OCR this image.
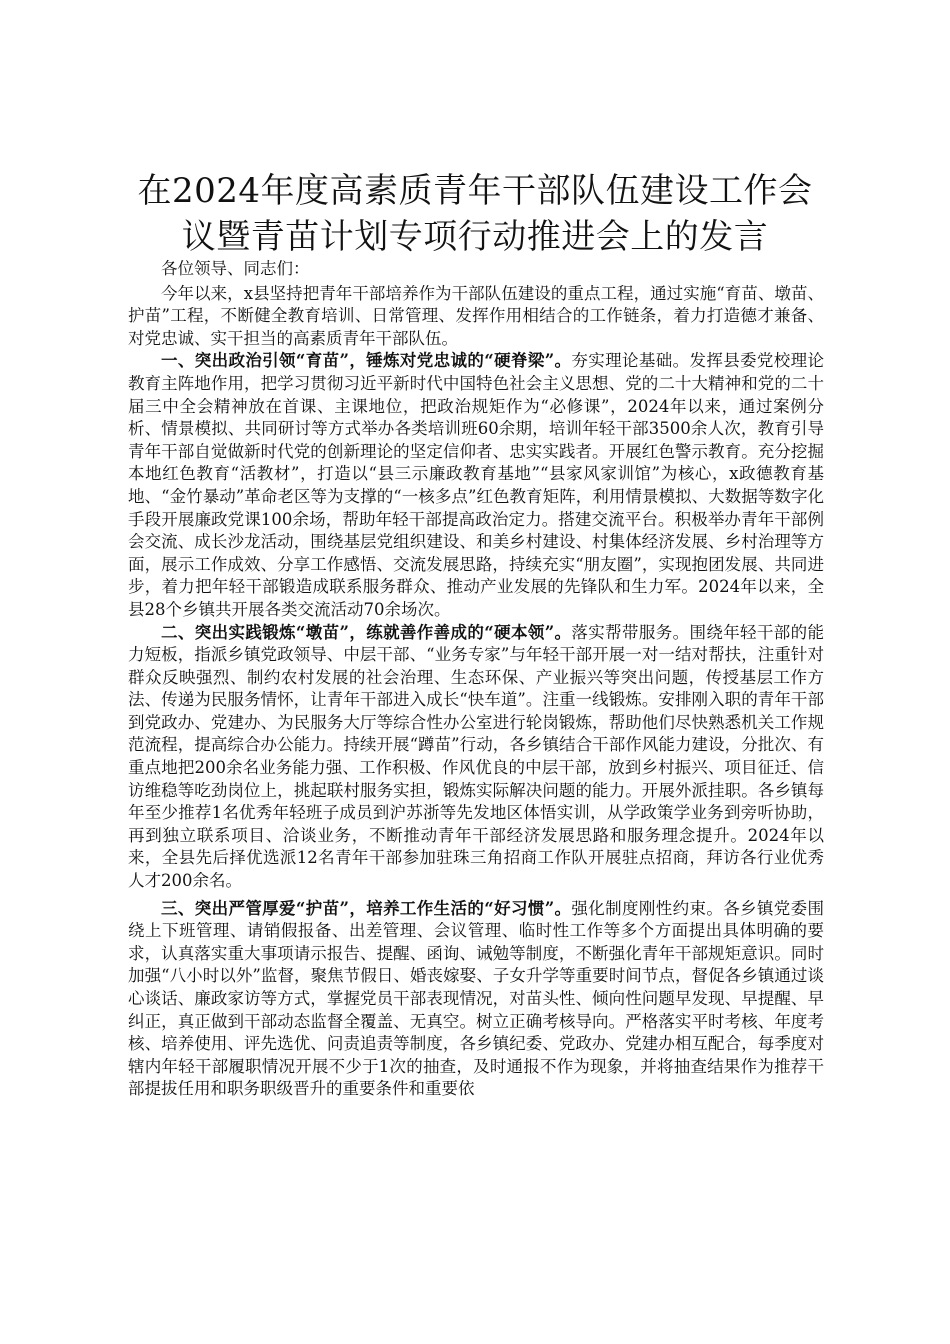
在2024年度高素质青年干部队伍建设工作会
议暨青苗计划专项行动推进会上的发言

各位领导、同志们：

今年以来，x县坚持把青年干部培养作为干部队伍建设的重点工程，通过实施“育苗、墩苗、护苗”工程，不断健全教育培训、日常管理、发挥作用相结合的工作链条，着力打造德才兼备、对党忠诚、实干担当的高素质青年干部队伍。

一、突出政治引领“育苗”，锤炼对党忠诚的“硬脊梁”。夯实理论基础。发挥县委党校理论教育主阵地作用，把学习贯彻习近平新时代中国特色社会主义思想、党的二十大精神和党的二十届三中全会精神放在首课、主课地位，把政治规矩作为“必修课”，2024年以来，通过案例分析、情景模拟、共同研讨等方式举办各类培训班60余期，培训年轻干部3500余人次，教育引导青年干部自觉做新时代党的创新理论的坚定信仰者、忠实实践者。开展红色警示教育。充分挖掘本地红色教育“活教材”，打造以“县三示廉政教育基地”“县家风家训馆”为核心，x政德教育基地、“金竹暴动”革命老区等为支撑的“一核多点”红色教育矩阵，利用情景模拟、大数据等数字化手段开展廉政党课100余场，帮助年轻干部提高政治定力。搭建交流平台。积极举办青年干部例会交流、成长沙龙活动，围绕基层党组织建设、和美乡村建设、村集体经济发展、乡村治理等方面，展示工作成效、分享工作感悟、交流发展思路，持续充实“朋友圈”，实现抱团发展、共同进步，着力把年轻干部锻造成联系服务群众、推动产业发展的先锋队和生力军。2024年以来，全县28个乡镇共开展各类交流活动70余场次。

二、突出实践锻炼“墩苗”，练就善作善成的“硬本领”。落实帮带服务。围绕年轻干部的能力短板，指派乡镇党政领导、中层干部、“业务专家”与年轻干部开展一对一结对帮扶，注重针对群众反映强烈、制约农村发展的社会治理、生态环保、产业振兴等突出问题，传授基层工作方法、传递为民服务情怀，让青年干部进入成长“快车道”。注重一线锻炼。安排刚入职的青年干部到党政办、党建办、为民服务大厅等综合性办公室进行轮岗锻炼，帮助他们尽快熟悉机关工作规范流程，提高综合办公能力。持续开展“蹲苗”行动，各乡镇结合干部作风能力建设，分批次、有重点地把200余名业务能力强、工作积极、作风优良的中层干部，放到乡村振兴、项目征迁、信访维稳等吃劲岗位上，挑起联村服务实担，锻炼实际解决问题的能力。开展外派挂职。各乡镇每年至少推荐1名优秀年轻班子成员到沪苏浙等先发地区体悟实训，从学政策学业务到旁听协助，再到独立联系项目、洽谈业务，不断推动青年干部经济发展思路和服务理念提升。2024年以来，全县先后择优选派12名青年干部参加驻珠三角招商工作队开展驻点招商，拜访各行业优秀人才200余名。

三、突出严管厚爱“护苗”，培养工作生活的“好习惯”。强化制度刚性约束。各乡镇党委围绕上下班管理、请销假报备、出差管理、会议管理、临时性工作等多个方面提出具体明确的要求，认真落实重大事项请示报告、提醒、函询、诫勉等制度，不断强化青年干部规矩意识。同时加强“八小时以外”监督，聚焦节假日、婚丧嫁娶、子女升学等重要时间节点，督促各乡镇通过谈心谈话、廉政家访等方式，掌握党员干部表现情况，对苗头性、倾向性问题早发现、早提醒、早纠正，真正做到干部动态监督全覆盖、无真空。树立正确考核导向。严格落实平时考核、年度考核、培养使用、评先选优、问责追责等制度，各乡镇纪委、党政办、党建办相互配合，每季度对辖内年轻干部履职情况开展不少于1次的抽查，及时通报不作为现象，并将抽查结果作为推荐干部提拔任用和职务职级晋升的重要条件和重要依
